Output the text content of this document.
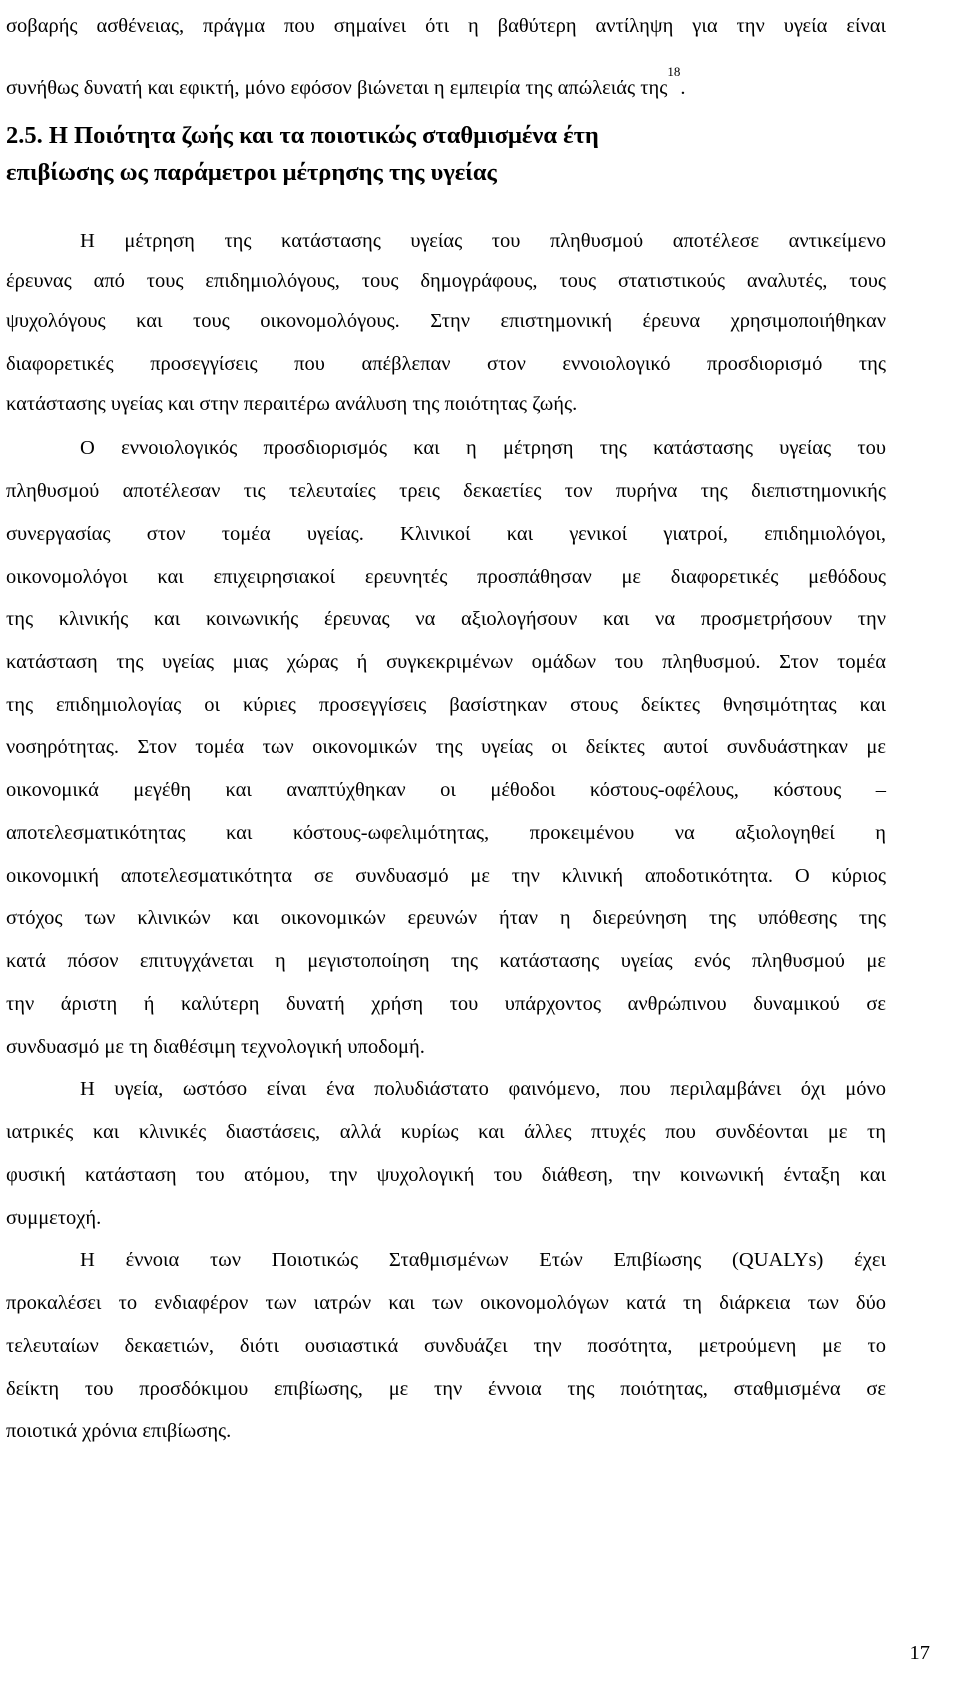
σοβαρής ασθένειας, πράγμα που σημαίνει ότι η βαθύτερη αντίληψη για την υγεία είναι
συνήθως δυνατή και εφικτή, μόνο εφόσον βιώνεται η εμπειρία της απώλειάς της$^{18}$.
2.5. Η Ποιότητα ζωής και τα ποιοτικώς σταθμισμένα έτη
επιβίωσης ως παράμετροι μέτρησης της υγείας
Η μέτρηση της κατάστασης υγείας του πληθυσμού αποτέλεσε αντικείμενο
έρευνας από τους επιδημιολόγους, τους δημογράφους, τους στατιστικούς αναλυτές, τους
ψυχολόγους και τους οικονομολόγους. Στην επιστημονική έρευνα χρησιμοποιήθηκαν
διαφορετικές προσεγγίσεις που απέβλεπαν στον εννοιολογικό προσδιορισμό της
κατάστασης υγείας και στην περαιτέρω ανάλυση της ποιότητας ζωής.
Ο εννοιολογικός προσδιορισμός και η μέτρηση της κατάστασης υγείας του
πληθυσμού αποτέλεσαν τις τελευταίες τρεις δεκαετίες τον πυρήνα της διεπιστημονικής
συνεργασίας στον τομέα υγείας. Κλινικοί και γενικοί γιατροί, επιδημιολόγοι,
οικονομολόγοι και επιχειρησιακοί ερευνητές προσπάθησαν με διαφορετικές μεθόδους
της κλινικής και κοινωνικής έρευνας να αξιολογήσουν και να προσμετρήσουν την
κατάσταση της υγείας μιας χώρας ή συγκεκριμένων ομάδων του πληθυσμού. Στον τομέα
της επιδημιολογίας οι κύριες προσεγγίσεις βασίστηκαν στους δείκτες θνησιμότητας και
νοσηρότητας. Στον τομέα των οικονομικών της υγείας οι δείκτες αυτοί συνδυάστηκαν με
οικονομικά μεγέθη και αναπτύχθηκαν οι μέθοδοι κόστους-οφέλους, κόστους –
αποτελεσματικότητας και κόστους-ωφελιμότητας, προκειμένου να αξιολογηθεί η
οικονομική αποτελεσματικότητα σε συνδυασμό με την κλινική αποδοτικότητα. Ο κύριος
στόχος των κλινικών και οικονομικών ερευνών ήταν η διερεύνηση της υπόθεσης της
κατά πόσον επιτυγχάνεται η μεγιστοποίηση της κατάστασης υγείας ενός πληθυσμού με
την άριστη ή καλύτερη δυνατή χρήση του υπάρχοντος ανθρώπινου δυναμικού σε
συνδυασμό με τη διαθέσιμη τεχνολογική υποδομή.
Η υγεία, ωστόσο είναι ένα πολυδιάστατο φαινόμενο, που περιλαμβάνει όχι μόνο
ιατρικές και κλινικές διαστάσεις, αλλά κυρίως και άλλες πτυχές που συνδέονται με τη
φυσική κατάσταση του ατόμου, την ψυχολογική του διάθεση, την κοινωνική ένταξη και
συμμετοχή.
Η έννοια των Ποιοτικώς Σταθμισμένων Ετών Επιβίωσης (QUALYs) έχει
προκαλέσει το ενδιαφέρον των ιατρών και των οικονομολόγων κατά τη διάρκεια των δύο
τελευταίων δεκαετιών, διότι ουσιαστικά συνδυάζει την ποσότητα, μετρούμενη με το
δείκτη του προσδόκιμου επιβίωσης, με την έννοια της ποιότητας, σταθμισμένα σε
ποιοτικά χρόνια επιβίωσης.
17
